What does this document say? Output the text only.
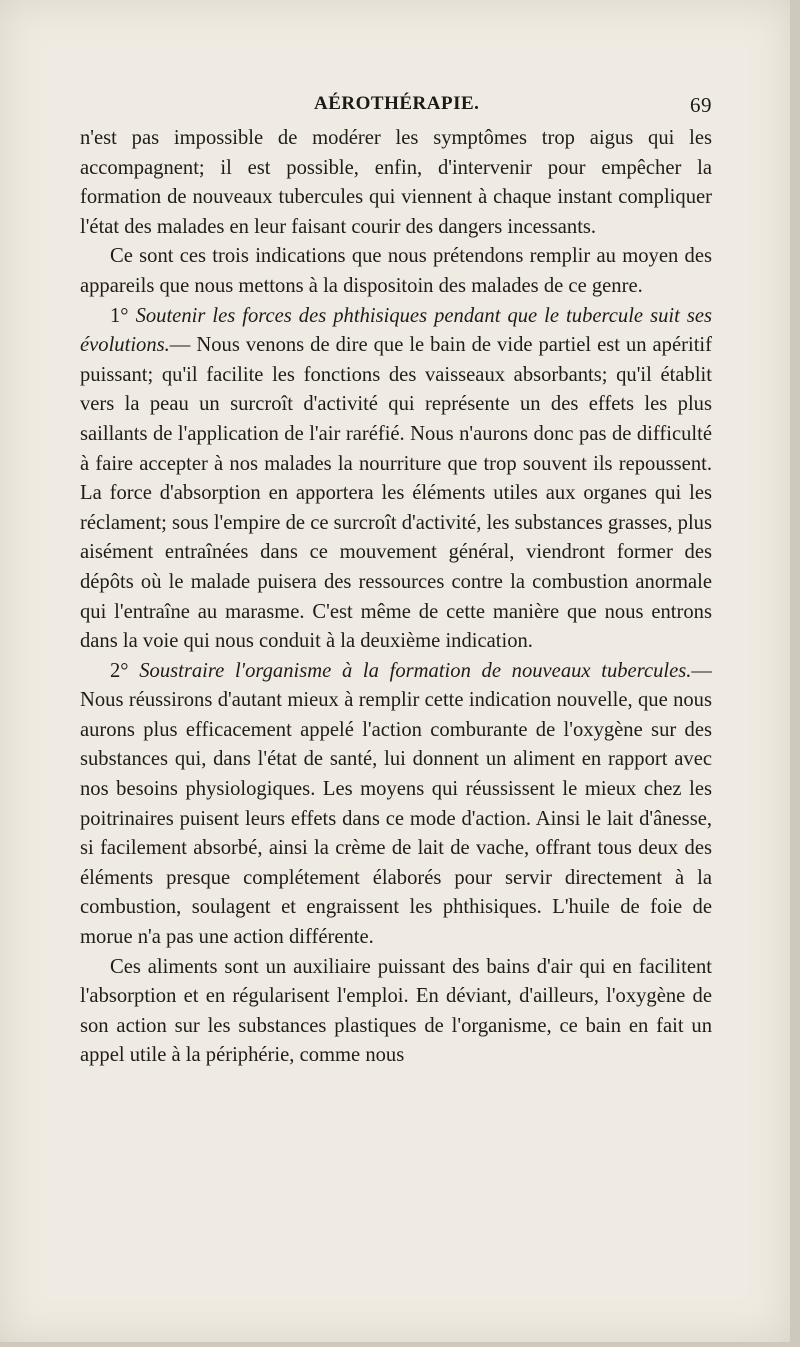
AÉROTHÉRAPIE.	69

n'est pas impossible de modérer les symptômes trop aigus qui les accompagnent; il est possible, enfin, d'intervenir pour empêcher la formation de nouveaux tubercules qui viennent à chaque instant compliquer l'état des malades en leur faisant courir des dangers incessants.

Ce sont ces trois indications que nous prétendons remplir au moyen des appareils que nous mettons à la dispositoin des malades de ce genre.

1° Soutenir les forces des phthisiques pendant que le tubercule suit ses évolutions.— Nous venons de dire que le bain de vide partiel est un apéritif puissant; qu'il facilite les fonctions des vaisseaux absorbants; qu'il établit vers la peau un surcroît d'activité qui représente un des effets les plus saillants de l'application de l'air raréfié. Nous n'aurons donc pas de difficulté à faire accepter à nos malades la nourriture que trop souvent ils repoussent. La force d'absorption en apportera les éléments utiles aux organes qui les réclament; sous l'empire de ce surcroît d'activité, les substances grasses, plus aisément entraînées dans ce mouvement général, viendront former des dépôts où le malade puisera des ressources contre la combustion anormale qui l'entraîne au marasme. C'est même de cette manière que nous entrons dans la voie qui nous conduit à la deuxième indication.

2° Soustraire l'organisme à la formation de nouveaux tubercules.— Nous réussirons d'autant mieux à remplir cette indication nouvelle, que nous aurons plus efficacement appelé l'action comburante de l'oxygène sur des substances qui, dans l'état de santé, lui donnent un aliment en rapport avec nos besoins physiologiques. Les moyens qui réussissent le mieux chez les poitrinaires puisent leurs effets dans ce mode d'action. Ainsi le lait d'ânesse, si facilement absorbé, ainsi la crème de lait de vache, offrant tous deux des éléments presque complétement élaborés pour servir directement à la combustion, soulagent et engraissent les phthisiques. L'huile de foie de morue n'a pas une action différente.

Ces aliments sont un auxiliaire puissant des bains d'air qui en facilitent l'absorption et en régularisent l'emploi. En déviant, d'ailleurs, l'oxygène de son action sur les substances plastiques de l'organisme, ce bain en fait un appel utile à la périphérie, comme nous
